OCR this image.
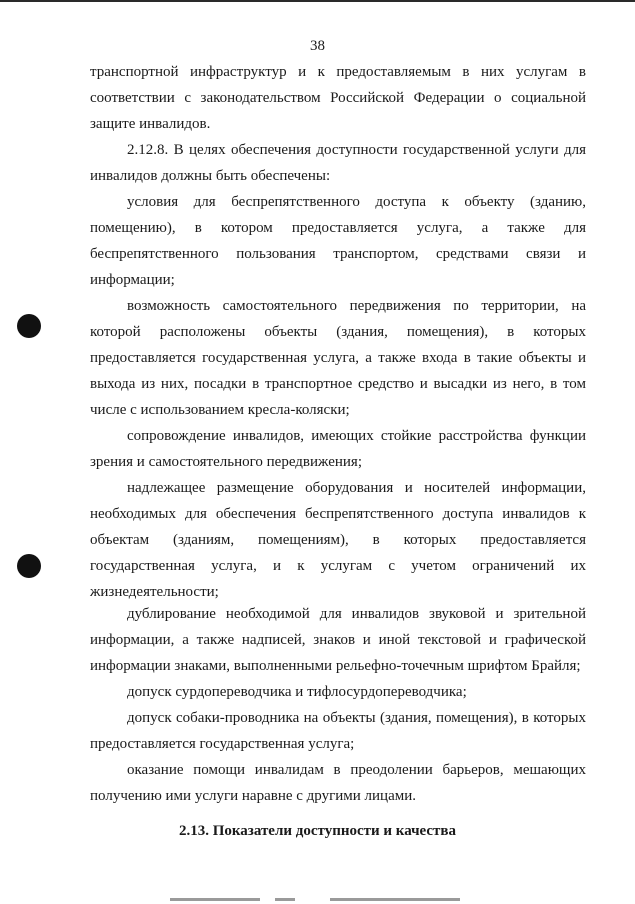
38

транспортной инфраструктур и к предоставляемым в них услугам в соответствии с законодательством Российской Федерации о социальной защите инвалидов.

2.12.8. В целях обеспечения доступности государственной услуги для инвалидов должны быть обеспечены:

условия для беспрепятственного доступа к объекту (зданию, помещению), в котором предоставляется услуга, а также для беспрепятственного пользования транспортом, средствами связи и информации;

возможность самостоятельного передвижения по территории, на которой расположены объекты (здания, помещения), в которых предоставляется государственная услуга, а также входа в такие объекты и выхода из них, посадки в транспортное средство и высадки из него, в том числе с использованием кресла-коляски;

сопровождение инвалидов, имеющих стойкие расстройства функции зрения и самостоятельного передвижения;

надлежащее размещение оборудования и носителей информации, необходимых для обеспечения беспрепятственного доступа инвалидов к объектам (зданиям, помещениям), в которых предоставляется государственная услуга, и к услугам с учетом ограничений их жизнедеятельности;

дублирование необходимой для инвалидов звуковой и зрительной информации, а также надписей, знаков и иной текстовой и графической информации знаками, выполненными рельефно-точечным шрифтом Брайля;

допуск сурдопереводчика и тифлосурдопереводчика;

допуск собаки-проводника на объекты (здания, помещения), в которых предоставляется государственная услуга;

оказание помощи инвалидам в преодолении барьеров, мешающих получению ими услуги наравне с другими лицами.

2.13. Показатели доступности и качества
